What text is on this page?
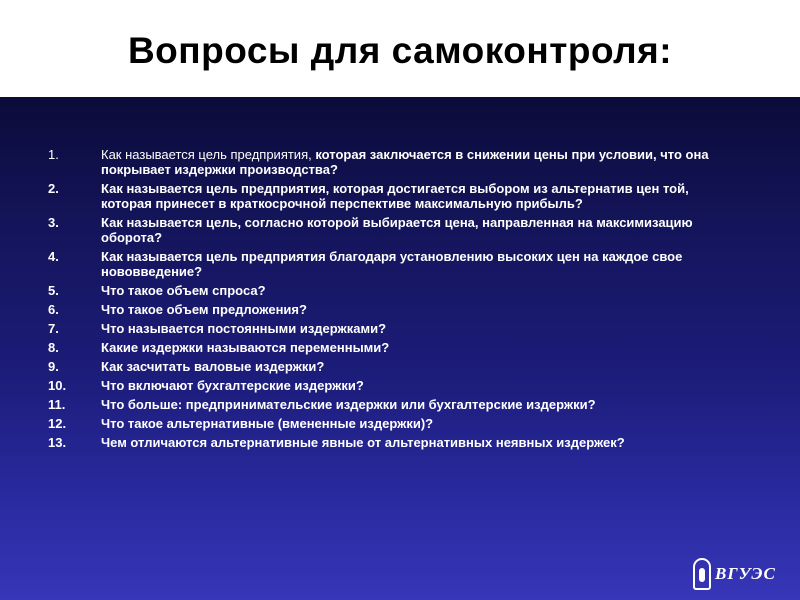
Вопросы для самоконтроля:
1.	Как называется цель предприятия, которая заключается в снижении цены при условии, что она покрывает издержки производства?
2.	Как называется цель предприятия, которая достигается выбором из альтернатив цен той, которая принесет в краткосрочной перспективе максимальную прибыль?
3.	Как называется цель, согласно которой выбирается цена, направленная на максимизацию оборота?
4.	Как называется цель предприятия благодаря установлению высоких цен на каждое свое нововведение?
5.	Что такое объем спроса?
6.	Что такое объем предложения?
7.	Что называется постоянными издержками?
8.	Какие издержки называются переменными?
9.	Как засчитать валовые издержки?
10.	Что включают бухгалтерские издержки?
11.	Что больше: предпринимательские издержки или бухгалтерские издержки?
12.	Что такое альтернативные (вмененные издержки)?
13.	Чем отличаются альтернативные явные от альтернативных неявных издержек?
ВГУЭС
